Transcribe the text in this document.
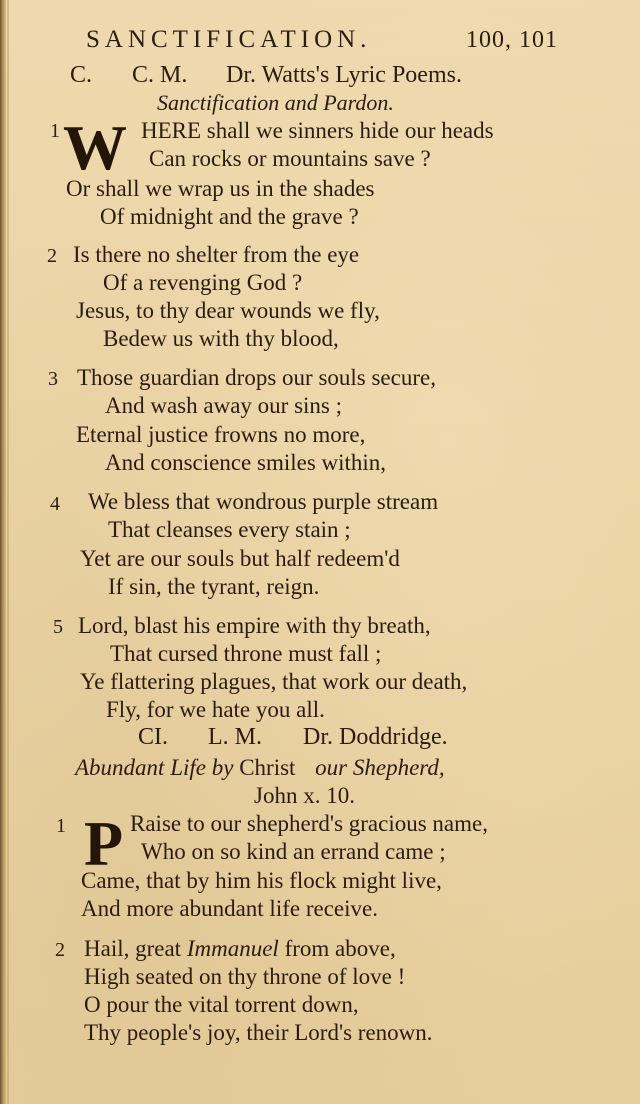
SANCTIFICATION.	100, 101
C. C. M. Dr. Watts's Lyric Poems.
Sanctification and Pardon.
1 W HERE shall we sinners hide our heads
Can rocks or mountains save ?
Or shall we wrap us in the shades
Of midnight and the grave ?
2 Is there no shelter from the eye
Of a revenging God ?
Jesus, to thy dear wounds we fly,
Bedew us with thy blood,
3 Those guardian drops our souls secure,
And wash away our sins ;
Eternal justice frowns no more,
And conscience smiles within,
4 We bless that wondrous purple stream
That cleanses every stain ;
Yet are our souls but half redeem'd
If sin, the tyrant, reign.
5 Lord, blast his empire with thy breath,
That cursed throne must fall ;
Ye flattering plagues, that work our death,
Fly, for we hate you all.
CI. L. M. Dr. Doddridge.
Abundant Life by Christ our Shepherd,
John x. 10.
1 P Raise to our shepherd's gracious name,
Who on so kind an errand came ;
Came, that by him his flock might live,
And more abundant life receive.
2 Hail, great Immanuel from above,
High seated on thy throne of love !
O pour the vital torrent down,
Thy people's joy, their Lord's renown.
